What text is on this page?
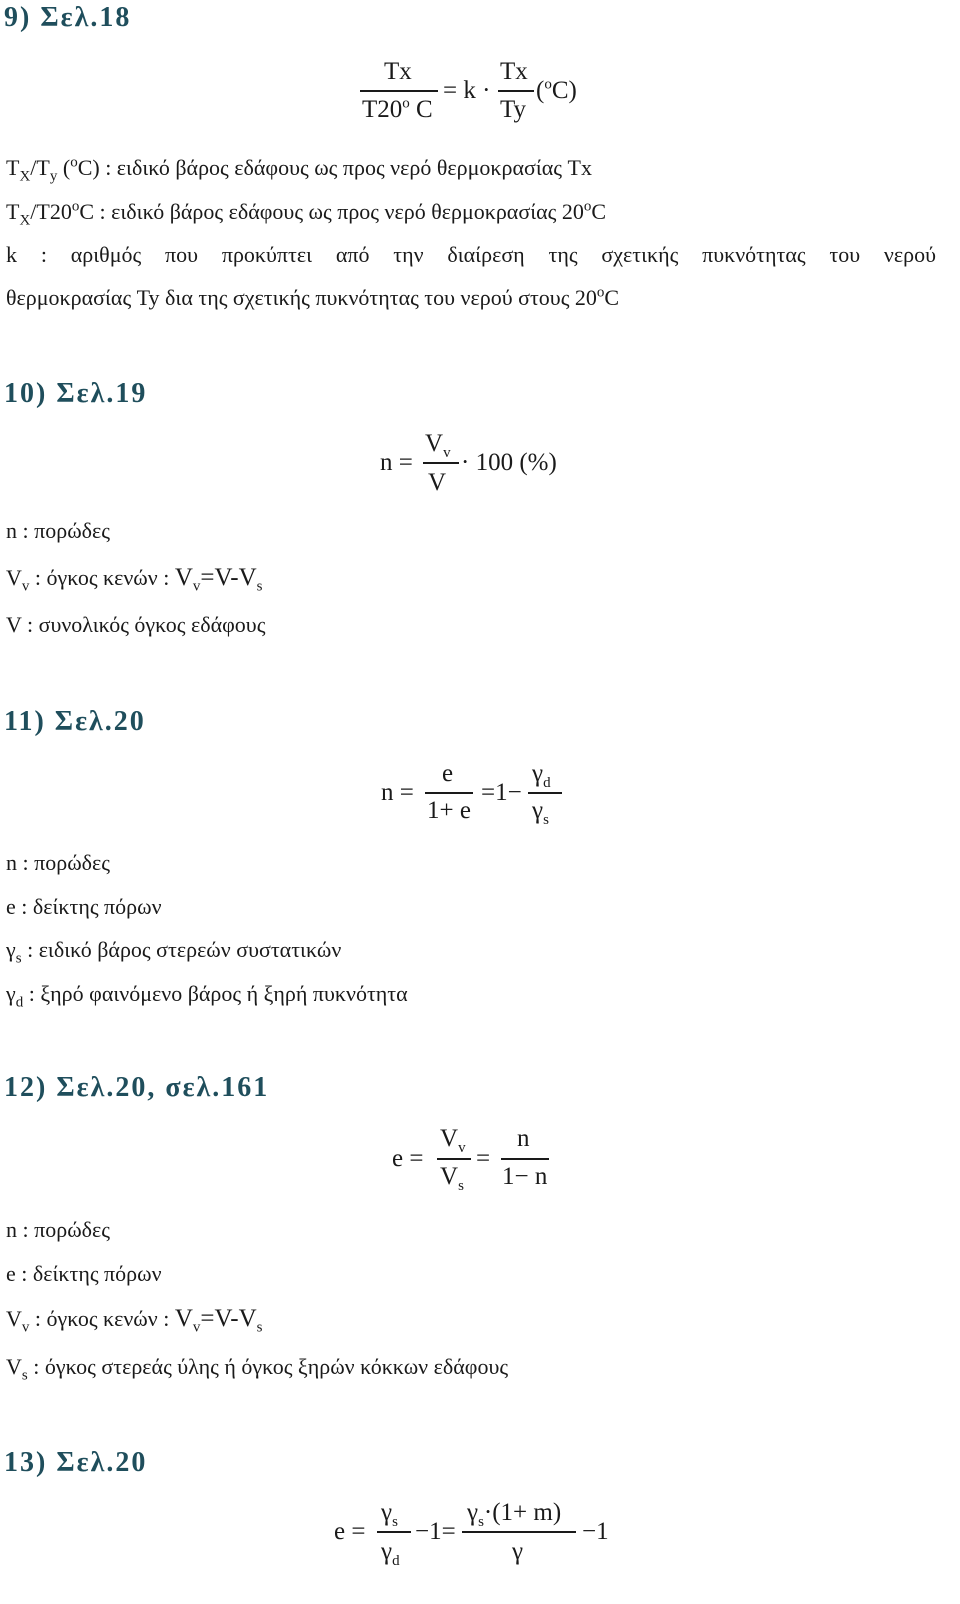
9) Σελ.18
Tx
T20$^o$ C
= k ·
Tx
Ty
($^o$C)
$T_X/T_y$ ($^o$C) : ειδικό βάρος εδάφους ως προς νερό θερμοκρασίας Tx
$T_X/T20^oC$ : ειδικό βάρος εδάφους ως προς νερό θερμοκρασίας 20$^o$C
k : αριθμός που προκύπτει από την διαίρεση της σχετικής πυκνότητας του νερού
θερμοκρασίας Ty δια της σχετικής πυκνότητας του νερού στους 20$^o$C
10) Σελ.19
n =
$V_v$
V
· 100 (%)
n : πορώδες
$V_v$ : όγκος κενών : $V_v=V-V_s$
V : συνολικός όγκος εδάφους
11) Σελ.20
n =
e
1+ e
=1−
$\gamma_d$
$\gamma_s$
n : πορώδες
e : δείκτης πόρων
$\gamma_s$ : ειδικό βάρος στερεών συστατικών
$\gamma_d$ : ξηρό φαινόμενο βάρος ή ξηρή πυκνότητα
12) Σελ.20, σελ.161
e =
$V_v$
$V_s$
=
n
1− n
n : πορώδες
e : δείκτης πόρων
$V_v$ : όγκος κενών : $V_v=V-V_s$
$V_s$ : όγκος στερεάς ύλης ή όγκος ξηρών κόκκων εδάφους
13) Σελ.20
e =
$\gamma_s$
$\gamma_d$
−1=
$\gamma_s\cdot(1+ m)$
γ
−1
